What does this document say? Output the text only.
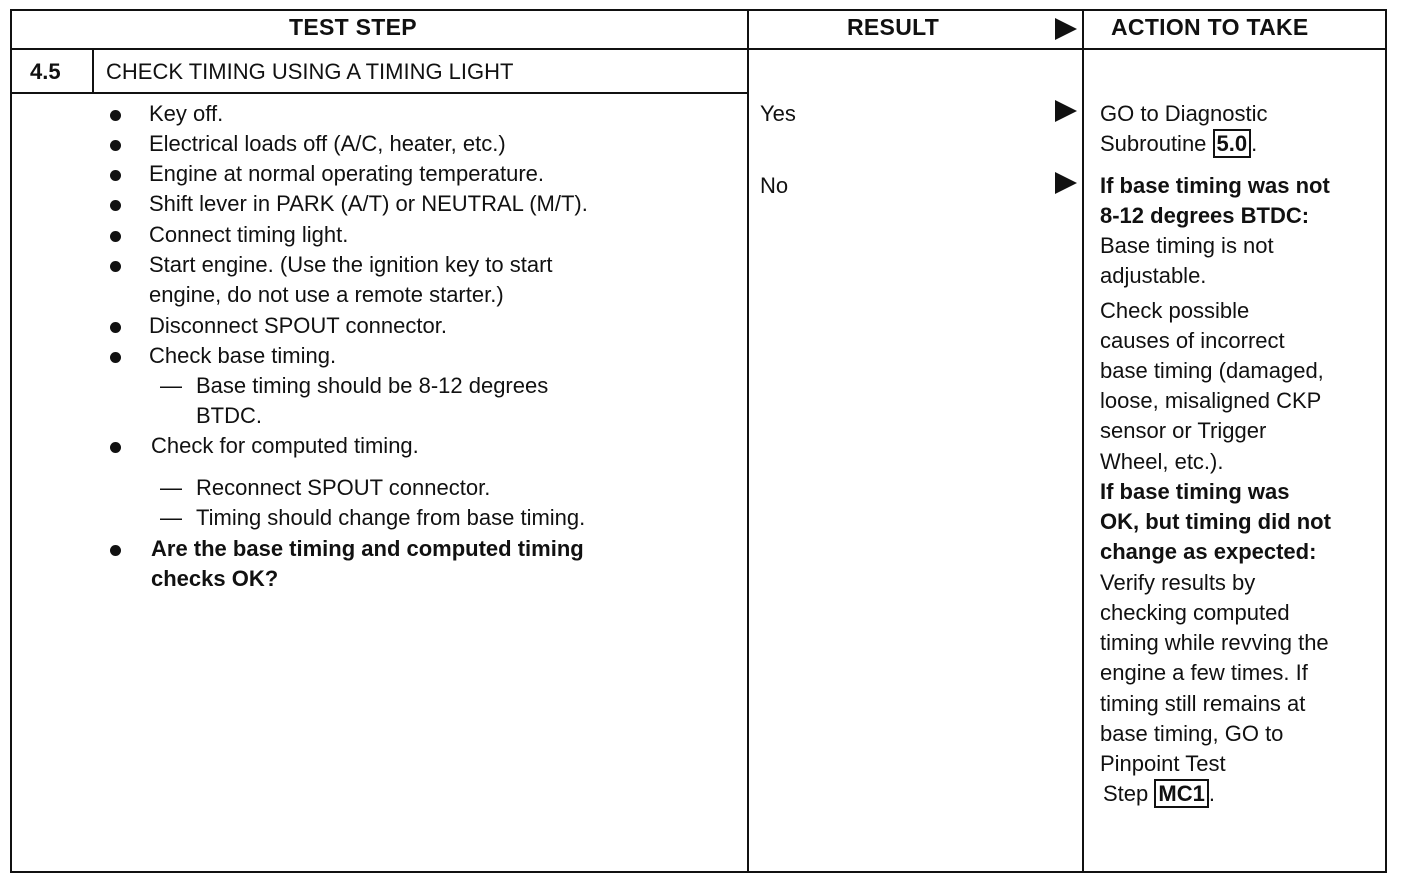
TEST STEP	RESULT	ACTION TO TAKE
4.5 CHECK TIMING USING A TIMING LIGHT
Key off.
Electrical loads off (A/C, heater, etc.)
Engine at normal operating temperature.
Shift lever in PARK (A/T) or NEUTRAL (M/T).
Connect timing light.
Start engine. (Use the ignition key to start
engine, do not use a remote starter.)
Disconnect SPOUT connector.
Check base timing.
— Base timing should be 8-12 degrees
BTDC.
Check for computed timing.
— Reconnect SPOUT connector.
— Timing should change from base timing.
Are the base timing and computed timing
checks OK?
Yes
No
GO to Diagnostic
Subroutine 5.0 .
If base timing was not
8-12 degrees BTDC:
Base timing is not
adjustable.
Check possible
causes of incorrect
base timing (damaged,
loose, misaligned CKP
sensor or Trigger
Wheel, etc.).
If base timing was
OK, but timing did not
change as expected:
Verify results by
checking computed
timing while revving the
engine a few times. If
timing still remains at
base timing, GO to
Pinpoint Test
Step MC1 .
